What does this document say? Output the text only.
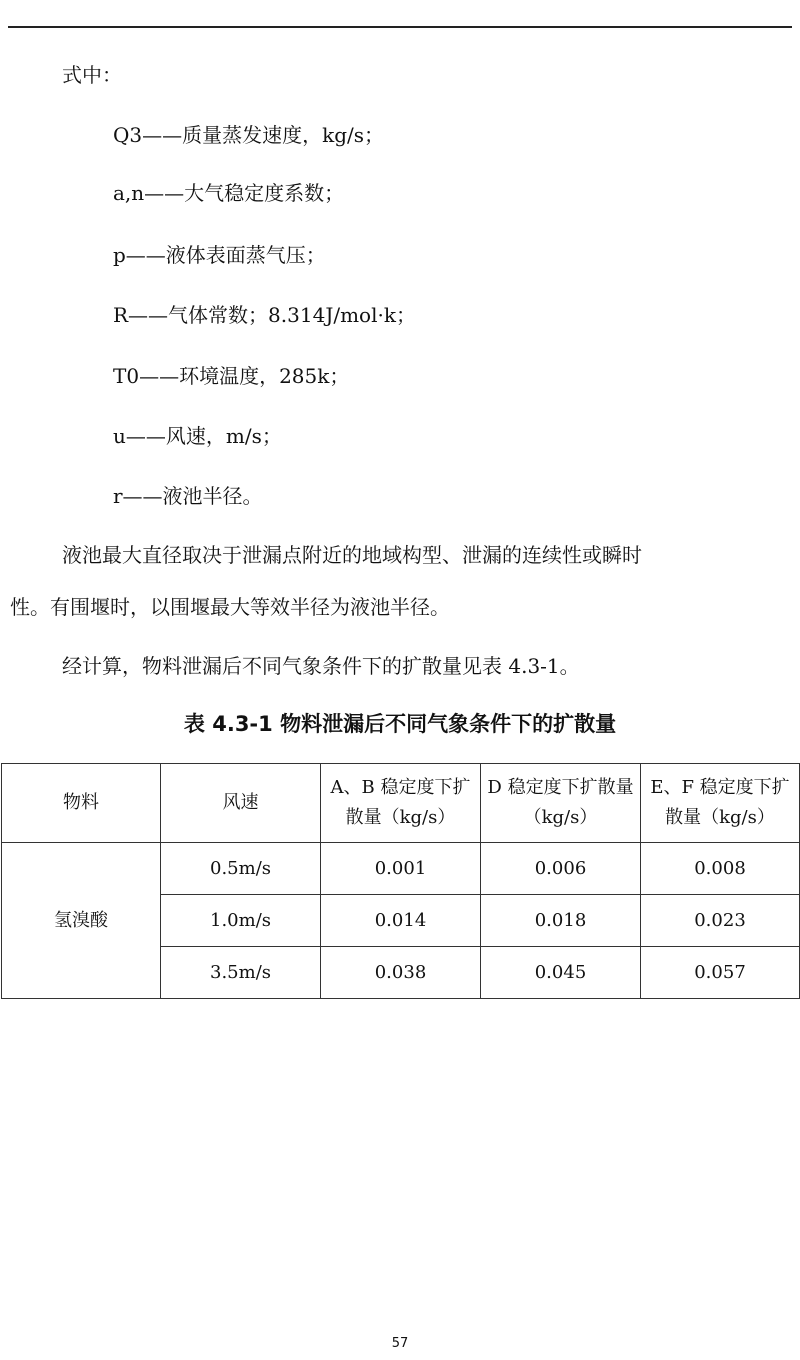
式中：
Q3——质量蒸发速度，kg/s；
a,n——大气稳定度系数；
p——液体表面蒸气压；
R——气体常数；8.314J/mol·k；
T0——环境温度，285k；
u——风速，m/s；
r——液池半径。
液池最大直径取决于泄漏点附近的地域构型、泄漏的连续性或瞬时
性。有围堰时，以围堰最大等效半径为液池半径。
经计算，物料泄漏后不同气象条件下的扩散量见表 4.3-1。
表 4.3-1 物料泄漏后不同气象条件下的扩散量
物料	风速	A、B 稳定度下扩散量（kg/s）	D 稳定度下扩散量（kg/s）	E、F 稳定度下扩散量（kg/s）
氢溴酸	0.5m/s	0.001	0.006	0.008
	1.0m/s	0.014	0.018	0.023
	3.5m/s	0.038	0.045	0.057
57
